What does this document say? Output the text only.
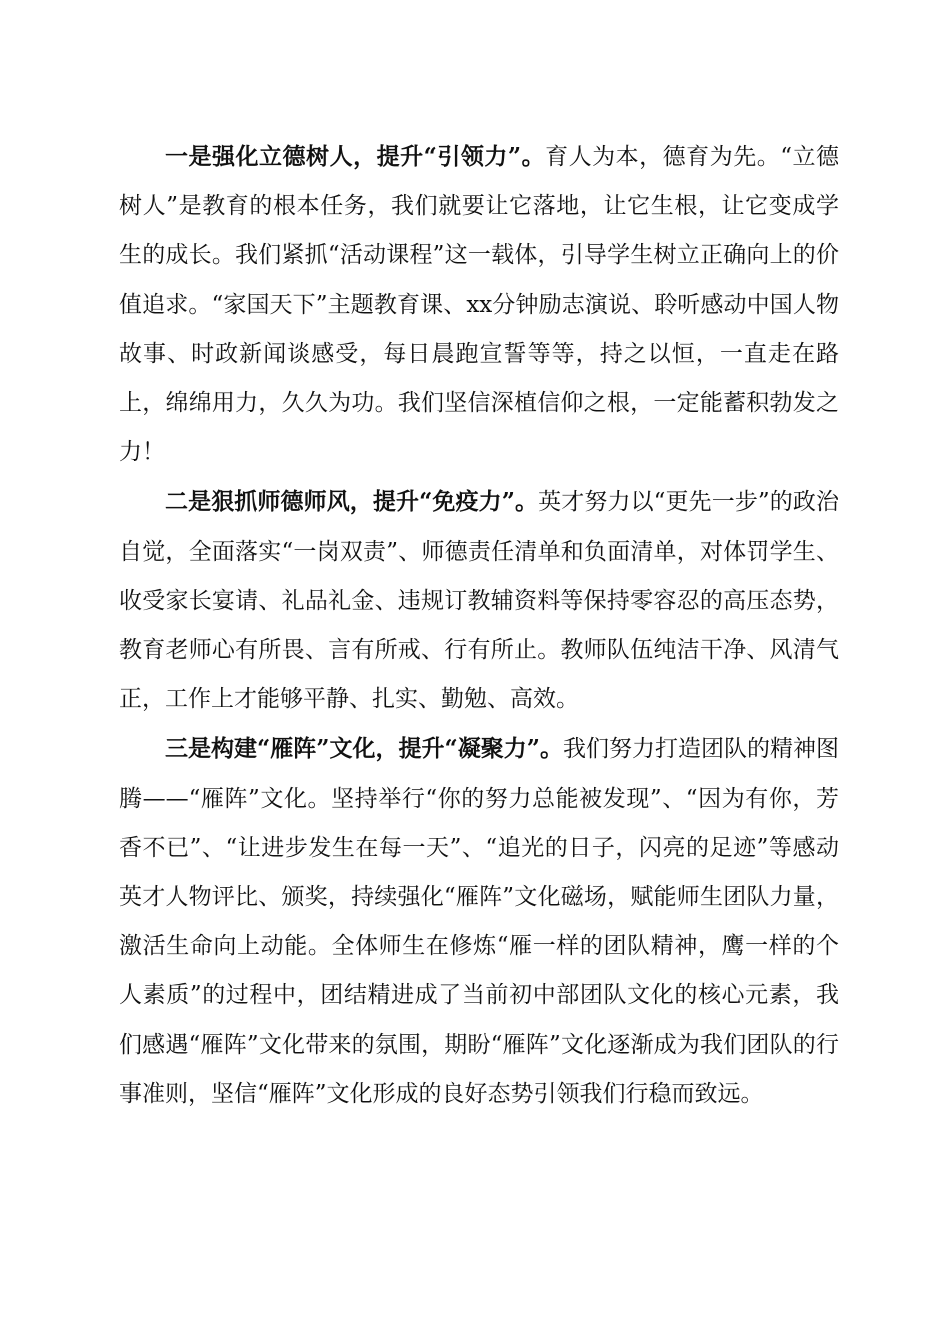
一是强化立德树人，提升“引领力”。育人为本，德育为先。“立德树人”是教育的根本任务，我们就要让它落地，让它生根，让它变成学生的成长。我们紧抓“活动课程”这一载体，引导学生树立正确向上的价值追求。“家国天下”主题教育课、xx分钟励志演说、聆听感动中国人物故事、时政新闻谈感受，每日晨跑宣誓等等，持之以恒，一直走在路上，绵绵用力，久久为功。我们坚信深植信仰之根，一定能蓄积勃发之力！

二是狠抓师德师风，提升“免疫力”。英才努力以“更先一步”的政治自觉，全面落实“一岗双责”、师德责任清单和负面清单，对体罚学生、收受家长宴请、礼品礼金、违规订教辅资料等保持零容忍的高压态势，教育老师心有所畏、言有所戒、行有所止。教师队伍纯洁干净、风清气正，工作上才能够平静、扎实、勤勉、高效。

三是构建“雁阵”文化，提升“凝聚力”。我们努力打造团队的精神图腾——“雁阵”文化。坚持举行“你的努力总能被发现”、“因为有你，芳香不已”、“让进步发生在每一天”、“追光的日子，闪亮的足迹”等感动英才人物评比、颁奖，持续强化“雁阵”文化磁场，赋能师生团队力量，激活生命向上动能。全体师生在修炼“雁一样的团队精神，鹰一样的个人素质”的过程中，团结精进成了当前初中部团队文化的核心元素，我们感遇“雁阵”文化带来的氛围，期盼“雁阵”文化逐渐成为我们团队的行事准则，坚信“雁阵”文化形成的良好态势引领我们行稳而致远。
